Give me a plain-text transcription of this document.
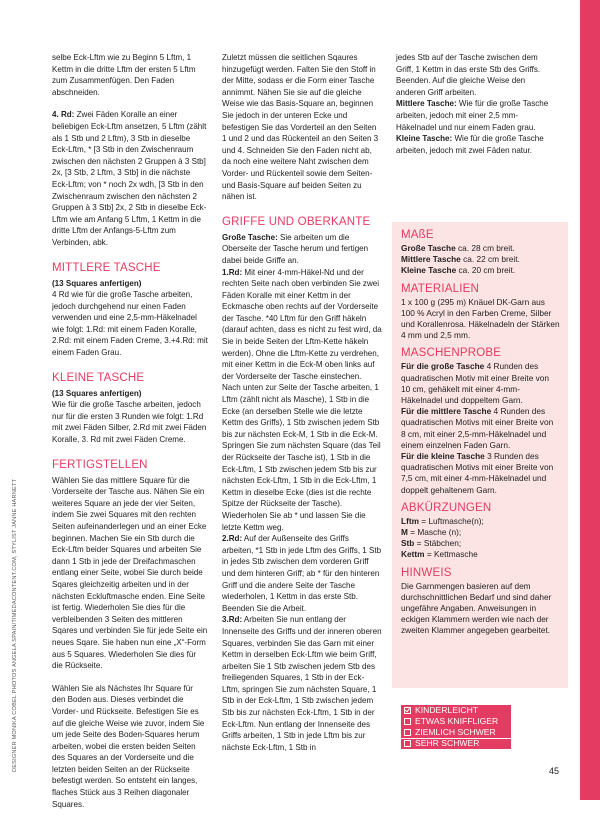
selbe Eck-Lftm wie zu Beginn 5 Lftm, 1 Kettm in die dritte Lftm der ersten 5 Lftm zum Zusammenfügen. Den Faden abschneiden.

4. Rd: Zwei Fäden Koralle an einer beliebigen Eck-Lftm ansetzen, 5 Lftm (zählt als 1 Stb und 2 Lftm), 3 Stb in dieselbe Eck-Lftm, * [3 Stb in den Zwischenraum zwischen den nächsten 2 Gruppen à 3 Stb] 2x, [3 Stb, 2 Lftm, 3 Stb] in die nächste Eck-Lftm; von * noch 2x wdh, [3 Stb in den Zwischenraum zwischen den nächsten 2 Gruppen à 3 Stb] 2x, 2 Stb in dieselbe Eck-Lftm wie am Anfang 5 Lftm, 1 Kettm in die dritte Lftm der Anfangs-5-Lftm zum Verbinden, abk.

MITTLERE TASCHE
(13 Squares anfertigen)

4 Rd wie für die große Tasche arbeiten, jedoch durchgehend nur einen Faden verwenden und eine 2,5-mm-Häkelnadel wie folgt: 1.Rd: mit einem Faden Koralle, 2.Rd: mit einem Faden Creme, 3.+4.Rd: mit einem Faden Grau.

KLEINE TASCHE
(13 Squares anfertigen)

Wie für die große Tasche arbeiten, jedoch nur für die ersten 3 Runden wie folgt: 1.Rd mit zwei Fäden Silber, 2.Rd mit zwei Fäden Koralle, 3. Rd mit zwei Fäden Creme.

FERTIGSTELLEN

Wählen Sie das mittlere Square für die Vorderseite der Tasche aus. Nähen Sie ein weiteres Square an jede der vier Seiten, indem Sie zwei Squares mit den rechten Seiten aufeinanderlegen und an einer Ecke beginnen. Machen Sie ein Stb durch die Eck-Lftm beider Squares und arbeiten Sie dann 1 Stb in jede der Dreifachmaschen entlang einer Seite, wobei Sie durch beide Sqares gleichzeitig arbeiten und in der nächsten Eckluftmasche enden. Eine Seite ist fertig. Wiederholen Sie dies für die verbleibenden 3 Seiten des mittleren Sqares und verbinden Sie für jede Seite ein neues Sqare. Sie haben nun eine „X“-Form aus 5 Squares. Wiederholen Sie dies für die Rückseite.

Wählen Sie als Nächstes Ihr Square für den Boden aus. Dieses verbindet die Vorder- und Rückseite. Befestigen Sie es auf die gleiche Weise wie zuvor, indem Sie um jede Seite des Boden-Squares herum arbeiten, wobei die ersten beiden Seiten des Squares an der Vorderseite und die letzten beiden Seiten an der Rückseite befestigt werden. So entsteht ein langes, flaches Stück aus 3 Reihen diagonaler Squares.

Zuletzt müssen die seitlichen Sqaures hinzugefügt werden. Falten Sie den Stoff in der Mitte, sodass er die Form einer Tasche annimmt. Nähen Sie sie auf die gleiche Weise wie das Basis-Square an, beginnen Sie jedoch in der unteren Ecke und befestigen Sie das Vorderteil an den Seiten 1 und 2 und das Rückenteil an den Seiten 3 und 4. Schneiden Sie den Faden nicht ab, da noch eine weitere Naht zwischen dem Vorder- und Rückenteil sowie dem Seiten- und Basis-Square auf beiden Seiten zu nähen ist.

GRIFFE UND OBERKANTE

Große Tasche: Sie arbeiten um die Oberseite der Tasche herum und fertigen dabei beide Griffe an.

1.Rd: Mit einer 4-mm-Häkel-Nd und der rechten Seite nach oben verbinden Sie zwei Fäden Koralle mit einer Kettm in der Eckmasche oben rechts auf der Vorderseite der Tasche. *40 Lftm für den Griff häkeln (darauf achten, dass es nicht zu fest wird, da Sie in beide Seiten der Lftm-Kette häkeln werden). Ohne die Lftm-Kette zu verdrehen, mit einer Kettm in die Eck-M oben links auf der Vorderseite der Tasche einstechen. Nach unten zur Seite der Tasche arbeiten, 1 Lftm (zählt nicht als Masche), 1 Stb in die Ecke (an derselben Stelle wie die letzte Kettm des Griffs), 1 Stb zwischen jedem Stb bis zur nächsten Eck-M, 1 Stb in die Eck-M. Springen Sie zum nächsten Square (das Teil der Rückseite der Tasche ist), 1 Stb in die Eck-Lftm, 1 Stb zwischen jedem Stb bis zur nächsten Eck-Lftm, 1 Stb in die Eck-Lftm, 1 Kettm in dieselbe Ecke (dies ist die rechte Spitze der Rückseite der Tasche). Wiederholen Sie ab * und lassen Sie die letzte Kettm weg.

2.Rd: Auf der Außenseite des Griffs arbeiten, *1 Stb in jede Lftm des Griffs, 1 Stb in jedes Stb zwischen dem vorderen Griff und dem hinteren Griff; ab * für den hinteren Griff und die andere Seite der Tasche wiederholen, 1 Kettm in das erste Stb.

Beenden Sie die Arbeit.

3.Rd: Arbeiten Sie nun entlang der Innenseite des Griffs und der inneren oberen Squares, verbinden Sie das Garn mit einer Kettm in derselben Eck-Lftm wie beim Griff, arbeiten Sie 1 Stb zwischen jedem Stb des freiliegenden Squares, 1 Stb in der Eck-Lftm, springen Sie zum nächsten Square, 1 Stb in der Eck-Lftm, 1 Stb zwischen jedem Stb bis zur nächsten Eck-Lftm, 1 Stb in der Eck-Lftm. Nun entlang der Innenseite des Griffs arbeiten, 1 Stb in jede Lftm bis zur nächste Eck-Lftm, 1 Stb in

jedes Stb auf der Tasche zwischen dem Griff, 1 Kettm in das erste Stb des Griffs. Beenden. Auf die gleiche Weise den anderen Griff arbeiten.

Mittlere Tasche: Wie für die große Tasche arbeiten, jedoch mit einer 2,5 mm-Häkelnadel und nur einem Faden grau.

Kleine Tasche: Wie für die große Tasche arbeiten, jedoch mit zwei Fäden natur.

MAßE

Große Tasche ca. 28 cm breit.

Mittlere Tasche ca. 22 cm breit.

Kleine Tasche ca. 20 cm breit.

MATERIALIEN

1 x 100 g (295 m) Knäuel DK-Garn aus 100 % Acryl in den Farben Creme, Silber und Korallenrosa. Häkelnadeln der Stärken 4 mm und 2,5 mm.

MASCHENPROBE

Für die große Tasche 4 Runden des quadratischen Motiv mit einer Breite von 10 cm, gehäkelt mit einer 4-mm-Häkelnadel und doppeltem Garn.

Für die mittlere Tasche 4 Runden des quadratischen Motivs mit einer Breite von 8 cm, mit einer 2,5-mm-Häkelnadel und einem einzelnen Faden Garn.

Für die kleine Tasche 3 Runden des quadratischen Motivs mit einer Breite von 7,5 cm, mit einer 4-mm-Häkelnadel und doppelt gehaltenem Garn.

ABKÜRZUNGEN

Lftm = Luftmasche(n);

M = Masche (n);

Stb = Stäbchen;

Kettm = Kettmasche

HINWEIS

Die Garnmengen basieren auf dem durchschnittlichen Bedarf und sind daher ungefähre Angaben. Anweisungen in eckigen Klammern werden wie nach der zweiten Klammer angegeben gearbeitet.

KINDERLEICHT
ETWAS KNIFFLIGER
ZIEMLICH SCHWER
SEHR SCHWER
DESIGNER MONIKA COBEL PHOTOS ANGELA SPAIN/TIMEDACONTENT.COM, STYLIST JANNE HARNETT	45
PassionForum.ru
